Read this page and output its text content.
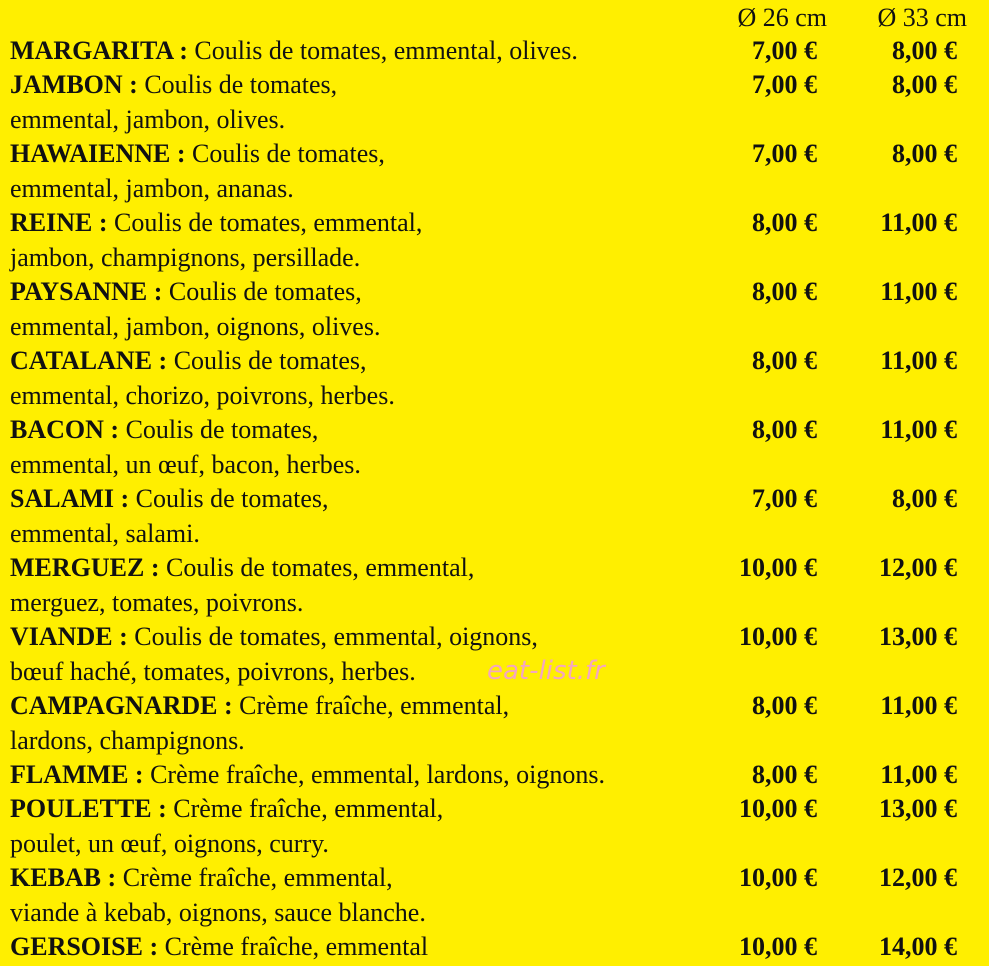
Ø 26 cm Ø 33 cm
MARGARITA : Coulis de tomates, emmental, olives.	7,00 €	8,00 €
JAMBON : Coulis de tomates,
emmental, jambon, olives.
7,00 €	8,00 €
HAWAIENNE : Coulis de tomates,
emmental, jambon, ananas.
7,00 €	8,00 €
REINE : Coulis de tomates, emmental,
jambon, champignons, persillade.
8,00 € 11,00 €
PAYSANNE : Coulis de tomates,
emmental, jambon, oignons, olives.
8,00 € 11,00 €
CATALANE : Coulis de tomates,
emmental, chorizo, poivrons, herbes.
8,00 € 11,00 €
BACON : Coulis de tomates,
emmental, un œuf, bacon, herbes.
8,00 € 11,00 €
SALAMI : Coulis de tomates,
emmental, salami.
7,00 €	8,00 €
MERGUEZ : Coulis de tomates, emmental,
merguez, tomates, poivrons.
10,00 € 12,00 €
VIANDE : Coulis de tomates, emmental, oignons,
bœuf haché, tomates, poivrons, herbes.
10,00 € 13,00 €
CAMPAGNARDE : Crème fraîche, emmental,
lardons, champignons.
8,00 € 11,00 €
FLAMME : Crème fraîche, emmental, lardons, oignons.	8,00 € 11,00 €
POULETTE : Crème fraîche, emmental,
poulet, un œuf, oignons, curry.
10,00 € 13,00 €
KEBAB : Crème fraîche, emmental,
viande à kebab, oignons, sauce blanche.
10,00 € 12,00 €
GERSOISE : Crème fraîche, emmental	10,00 € 14,00 €
eat-list.fr
